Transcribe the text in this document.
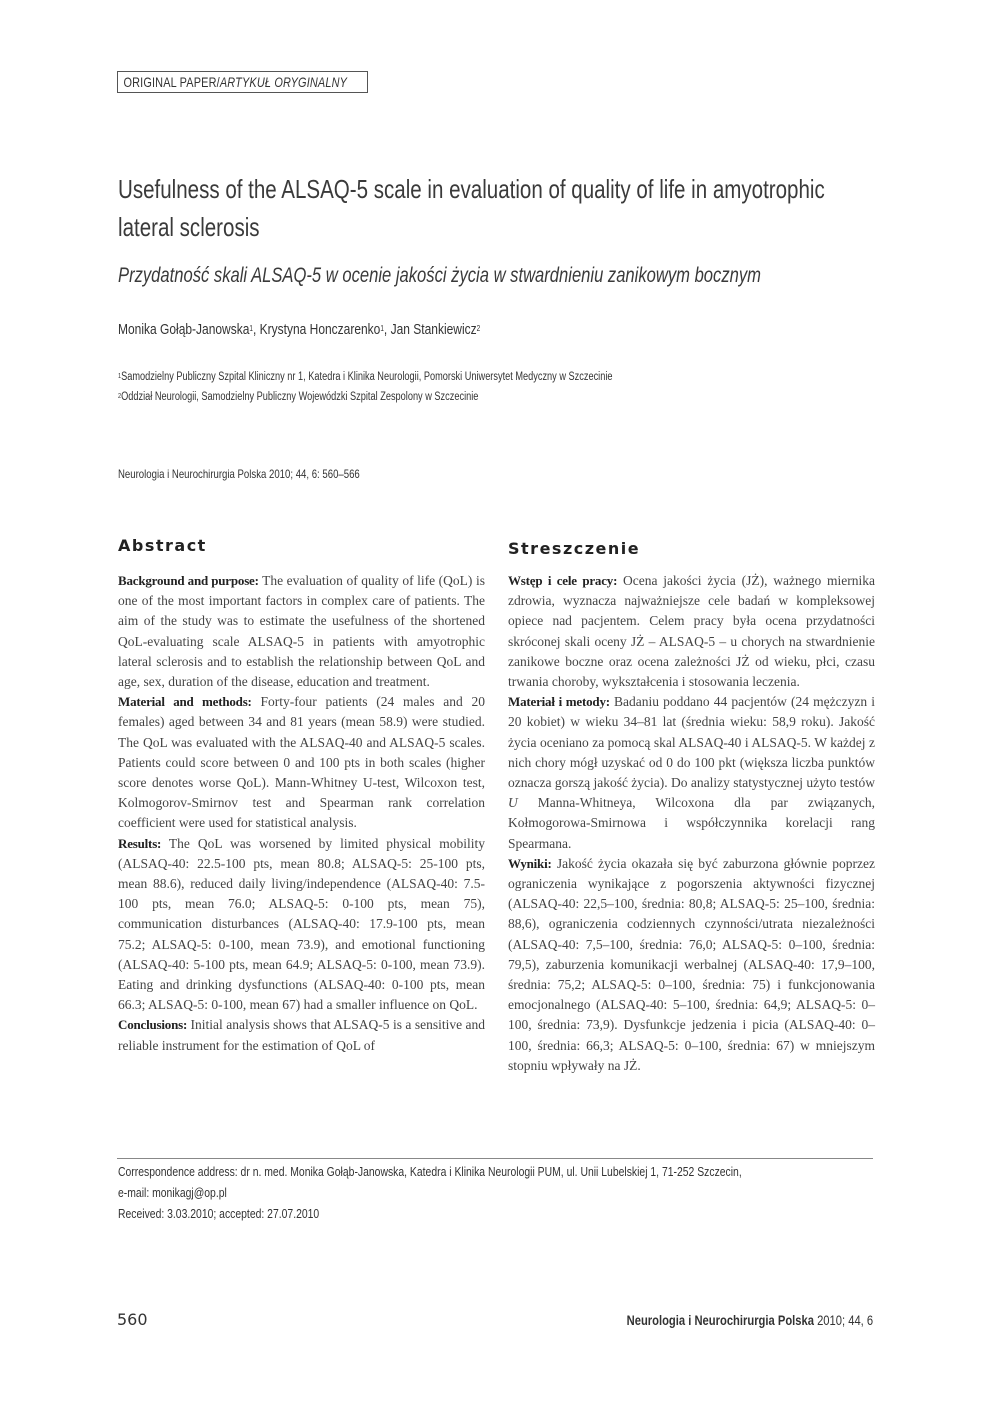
ORIGINAL PAPER/ARTYKUŁ ORYGINALNY
Usefulness of the ALSAQ-5 scale in evaluation of quality of life in amyotrophic
lateral sclerosis
Przydatność skali ALSAQ-5 w ocenie jakości życia w stwardnieniu zanikowym bocznym
Monika Gołąb-Janowska$^1$, Krystyna Honczarenko$^1$, Jan Stankiewicz$^2$
$^1$Samodzielny Publiczny Szpital Kliniczny nr 1, Katedra i Klinika Neurologii, Pomorski Uniwersytet Medyczny w Szczecinie
$^2$Oddział Neurologii, Samodzielny Publiczny Wojewódzki Szpital Zespolony w Szczecinie
Neurologia i Neurochirurgia Polska 2010; 44, 6: 560–566
Abstract	Streszczenie

Background and purpose: The evaluation of quality of life (QoL) is one of the most important factors in complex care of patients. The aim of the study was to estimate the usefulness of the shortened QoL-evaluating scale ALSAQ-5 in patients with amyotrophic lateral sclerosis and to establish the relationship between QoL and age, sex, duration of the disease, education and treatment.

Material and methods: Forty-four patients (24 males and 20 females) aged between 34 and 81 years (mean 58.9) were studied. The QoL was evaluated with the ALSAQ-40 and ALSAQ-5 scales. Patients could score between 0 and 100 pts in both scales (higher score denotes worse QoL). Mann-Whitney U-test, Wilcoxon test, Kolmogorov-Smirnov test and Spearman rank correlation coefficient were used for statistical analysis.

Results: The QoL was worsened by limited physical mobility (ALSAQ-40: 22.5-100 pts, mean 80.8; ALSAQ-5: 25-100 pts, mean 88.6), reduced daily living/independence (ALSAQ-40: 7.5-100 pts, mean 76.0; ALSAQ-5: 0-100 pts, mean 75), communication disturbances (ALSAQ-40: 17.9-100 pts, mean 75.2; ALSAQ-5: 0-100, mean 73.9), and emotional functioning (ALSAQ-40: 5-100 pts, mean 64.9; ALSAQ-5: 0-100, mean 73.9). Eating and drinking dysfunctions (ALSAQ-40: 0-100 pts, mean 66.3; ALSAQ-5: 0-100, mean 67) had a smaller influence on QoL.

Conclusions: Initial analysis shows that ALSAQ-5 is a sensitive and reliable instrument for the estimation of QoL of

Wstęp i cele pracy: Ocena jakości życia (JŻ), ważnego miernika zdrowia, wyznacza najważniejsze cele badań w kompleksowej opiece nad pacjentem. Celem pracy była ocena przydatności skróconej skali oceny JŻ – ALSAQ-5 – u chorych na stwardnienie zanikowe boczne oraz ocena zależności JŻ od wieku, płci, czasu trwania choroby, wykształcenia i stosowania leczenia.

Materiał i metody: Badaniu poddano 44 pacjentów (24 mężczyzn i 20 kobiet) w wieku 34–81 lat (średnia wieku: 58,9 roku). Jakość życia oceniano za pomocą skal ALSAQ-40 i ALSAQ-5. W każdej z nich chory mógł uzyskać od 0 do 100 pkt (większa liczba punktów oznacza gorszą jakość życia). Do analizy statystycznej użyto testów U Manna-Whitneya, Wilcoxona dla par związanych, Kołmogorowa-Smirnowa i współczynnika korelacji rang Spearmana.

Wyniki: Jakość życia okazała się być zaburzona głównie poprzez ograniczenia wynikające z pogorszenia aktywności fizycznej (ALSAQ-40: 22,5–100, średnia: 80,8; ALSAQ-5: 25–100, średnia: 88,6), ograniczenia codziennych czynności/utrata niezależności (ALSAQ-40: 7,5–100, średnia: 76,0; ALSAQ-5: 0–100, średnia: 79,5), zaburzenia komunikacji werbalnej (ALSAQ-40: 17,9–100, średnia: 75,2; ALSAQ-5: 0–100, średnia: 75) i funkcjonowania emocjonalnego (ALSAQ-40: 5–100, średnia: 64,9; ALSAQ-5: 0–100, średnia: 73,9). Dysfunkcje jedzenia i picia (ALSAQ-40: 0–100, średnia: 66,3; ALSAQ-5: 0–100, średnia: 67) w mniejszym stopniu wpływały na JŻ.

Correspondence address: dr n. med. Monika Gołąb-Janowska, Katedra i Klinika Neurologii PUM, ul. Unii Lubelskiej 1, 71-252 Szczecin,
e-mail: monikagj@op.pl
Received: 3.03.2010; accepted: 27.07.2010
560	Neurologia i Neurochirurgia Polska 2010; 44, 6
